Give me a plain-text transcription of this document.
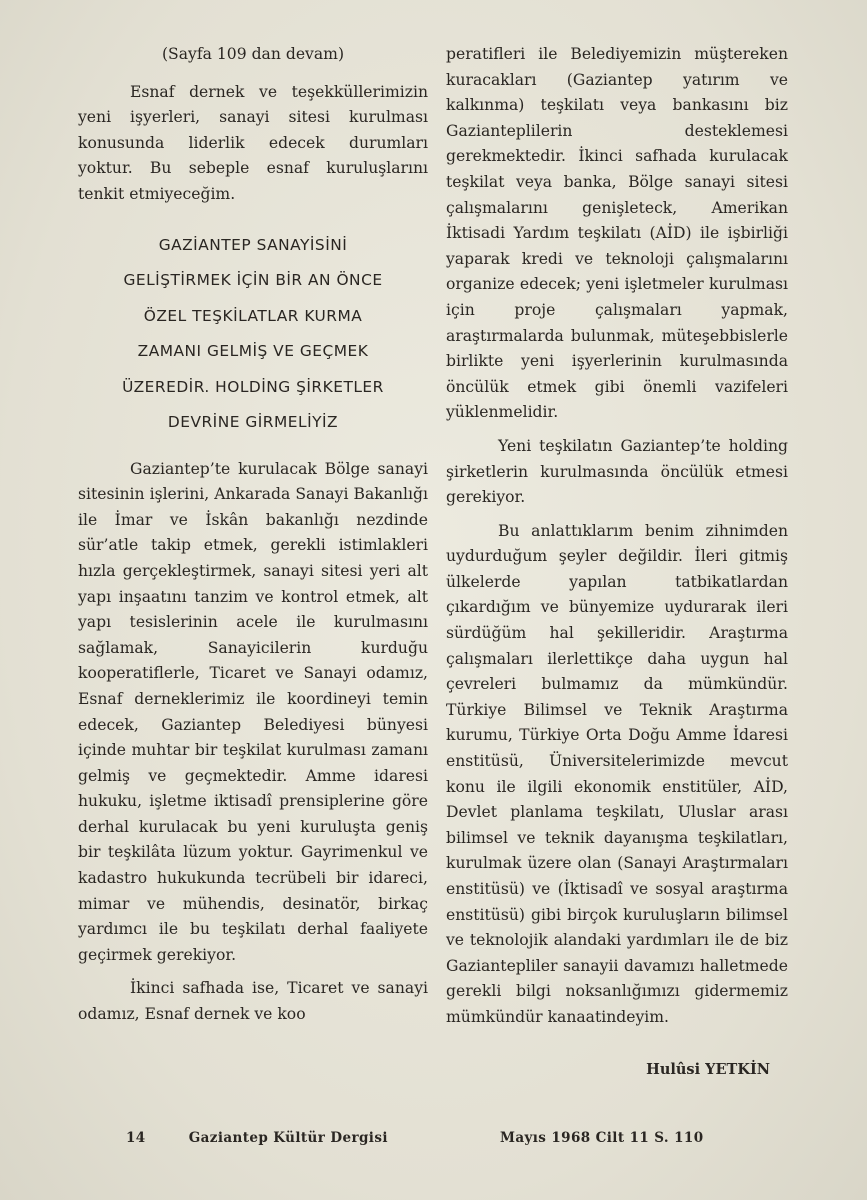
(Sayfa 109 dan devam)

Esnaf dernek ve teşekküllerimizin yeni işyerleri, sanayi sitesi kurulması konusunda liderlik edecek durumları yoktur. Bu sebeple esnaf kuruluşlarını tenkit etmiyeceğim.

GAZİANTEP SANAYİSİNİ
GELİŞTİRMEK İÇİN BİR AN ÖNCE
ÖZEL TEŞKİLATLAR KURMA
ZAMANI GELMİŞ VE GEÇMEK
ÜZEREDİR. HOLDİNG ŞİRKETLER
DEVRİNE GİRMELİYİZ

Gaziantep’te kurulacak Bölge sanayi sitesinin işlerini, Ankarada Sanayi Bakanlığı ile İmar ve İskân bakanlığı nezdinde sür’atle takip etmek, gerekli istimlakleri hızla gerçekleştirmek, sanayi sitesi yeri alt yapı inşaatını tanzim ve kontrol etmek, alt yapı tesislerinin acele ile kurulmasını sağlamak, Sanayicilerin kurduğu kooperatiflerle, Ticaret ve Sanayi odamız, Esnaf derneklerimiz ile koordineyi temin edecek, Gaziantep Belediyesi bünyesi içinde muhtar bir teşkilat kurulması zamanı gelmiş ve geçmektedir. Amme idaresi hukuku, işletme iktisadî prensiplerine göre derhal kurulacak bu yeni kuruluşta geniş bir teşkilâta lüzum yoktur. Gayrimenkul ve kadastro hukukunda tecrübeli bir idareci, mimar ve mühendis, desinatör, birkaç yardımcı ile bu teşkilatı derhal faaliyete geçirmek gerekiyor.

İkinci safhada ise, Ticaret ve sanayi odamız, Esnaf dernek ve koo

peratifleri ile Belediyemizin müştereken kuracakları (Gaziantep yatırım ve kalkınma) teşkilatı veya bankasını biz Gazianteplilerin desteklemesi gerekmektedir. İkinci safhada kurulacak teşkilat veya banka, Bölge sanayi sitesi çalışmalarını genişleteck, Amerikan İktisadi Yardım teşkilatı (AİD) ile işbirliği yaparak kredi ve teknoloji çalışmalarını organize edecek; yeni işletmeler kurulması için proje çalışmaları yapmak, araştırmalarda bulunmak, müteşebbislerle birlikte yeni işyerlerinin kurulmasında öncülük etmek gibi önemli vazifeleri yüklenmelidir.

Yeni teşkilatın Gaziantep’te holding şirketlerin kurulmasında öncülük etmesi gerekiyor.

Bu anlattıklarım benim zihnimden uydurduğum şeyler değildir. İleri gitmiş ülkelerde yapılan tatbikatlardan çıkardığım ve bünyemize uydurarak ileri sürdüğüm hal şekilleridir. Araştırma çalışmaları ilerlettikçe daha uygun hal çevreleri bulmamız da mümkündür. Türkiye Bilimsel ve Teknik Araştırma kurumu, Türkiye Orta Doğu Amme İdaresi enstitüsü, Üniversitelerimizde mevcut konu ile ilgili ekonomik enstitüler, AİD, Devlet planlama teşkilatı, Uluslar arası bilimsel ve teknik dayanışma teşkilatları, kurulmak üzere olan (Sanayi Araştırmaları enstitüsü) ve (İktisadî ve sosyal araştırma enstitüsü) gibi birçok kuruluşların bilimsel ve teknolojik alandaki yardımları ile de biz Gaziantepliler sanayii davamızı halletmede gerekli bilgi noksanlığımızı gidermemiz mümkündür kanaatindeyim.

Hulûsi YETKİN
14	Gaziantep Kültür Dergisi	Mayıs 1968 Cilt 11 S. 110
